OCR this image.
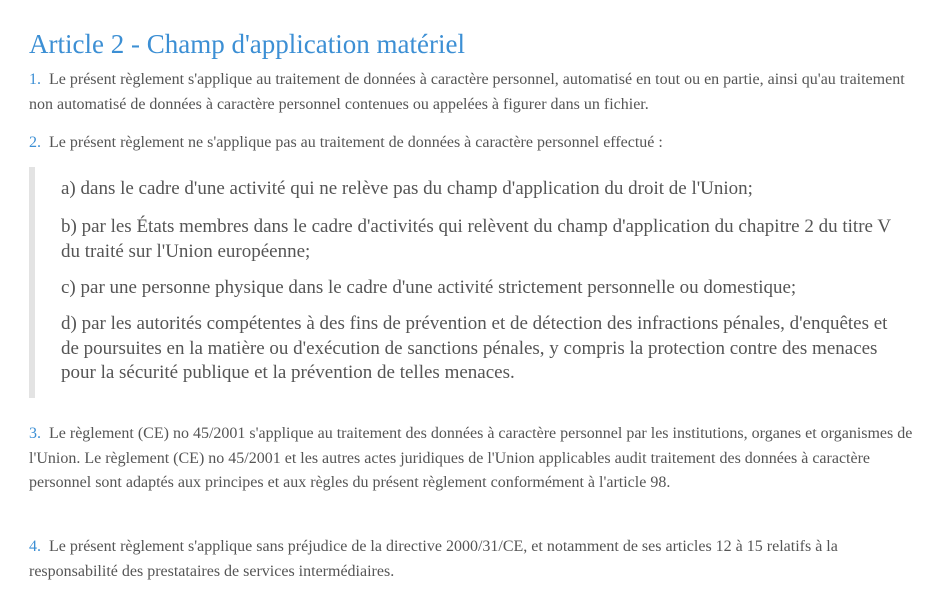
Article 2 - Champ d'application matériel

1. Le présent règlement s'applique au traitement de données à caractère personnel, automatisé en tout ou en partie, ainsi qu'au traitement non automatisé de données à caractère personnel contenues ou appelées à figurer dans un fichier.

2. Le présent règlement ne s'applique pas au traitement de données à caractère personnel effectué :

a) dans le cadre d'une activité qui ne relève pas du champ d'application du droit de l'Union;
b) par les États membres dans le cadre d'activités qui relèvent du champ d'application du chapitre 2 du titre V du traité sur l'Union européenne;
c) par une personne physique dans le cadre d'une activité strictement personnelle ou domestique;
d) par les autorités compétentes à des fins de prévention et de détection des infractions pénales, d'enquêtes et de poursuites en la matière ou d'exécution de sanctions pénales, y compris la protection contre des menaces pour la sécurité publique et la prévention de telles menaces.

3. Le règlement (CE) no 45/2001 s'applique au traitement des données à caractère personnel par les institutions, organes et organismes de l'Union. Le règlement (CE) no 45/2001 et les autres actes juridiques de l'Union applicables audit traitement des données à caractère personnel sont adaptés aux principes et aux règles du présent règlement conformément à l'article 98.

4. Le présent règlement s'applique sans préjudice de la directive 2000/31/CE, et notamment de ses articles 12 à 15 relatifs à la responsabilité des prestataires de services intermédiaires.
